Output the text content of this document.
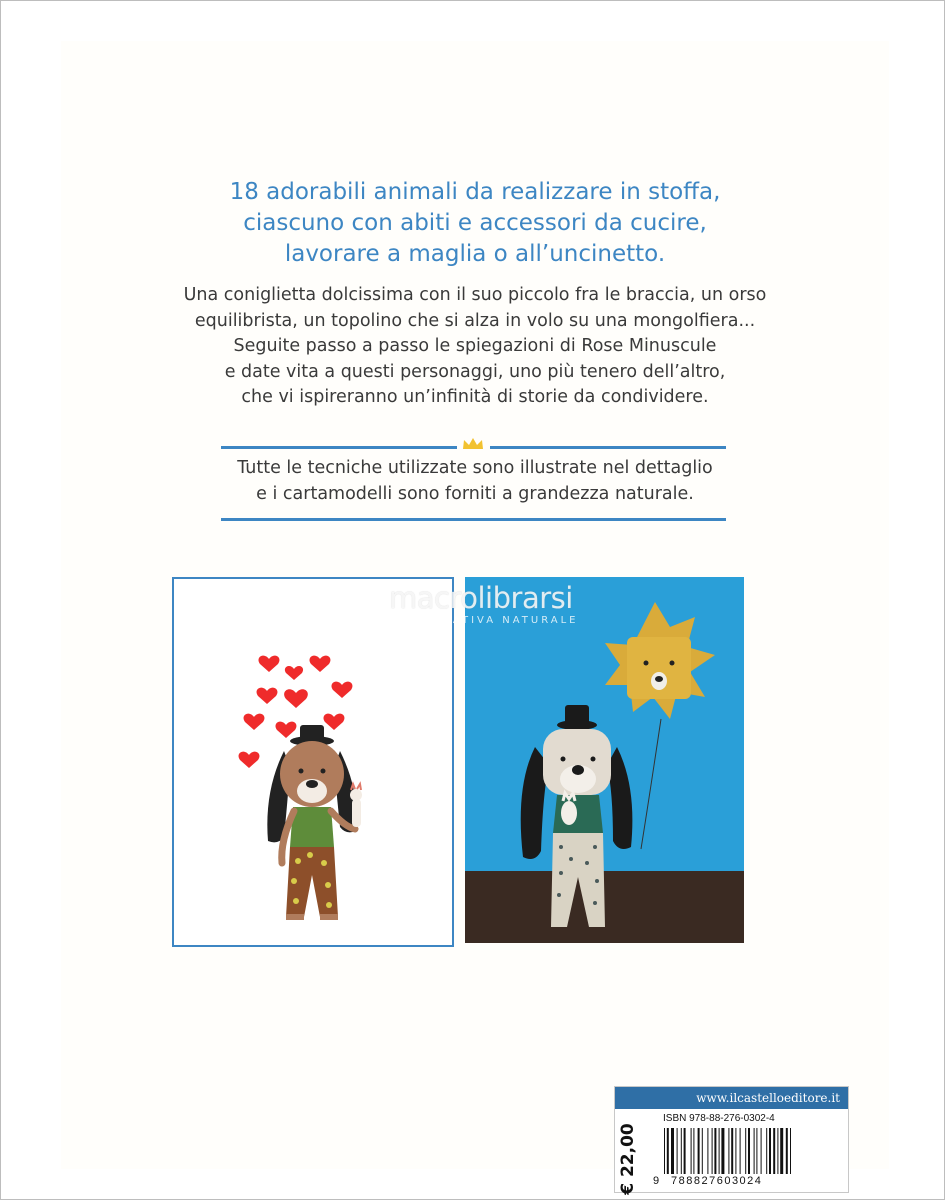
18 adorabili animali da realizzare in stoffa,
ciascuno con abiti e accessori da cucire,
lavorare a maglia o all’uncinetto.
Una coniglietta dolcissima con il suo piccolo fra le braccia, un orso
equilibrista, un topolino che si alza in volo su una mongolfiera...
Seguite passo a passo le spiegazioni di Rose Minuscule
e date vita a questi personaggi, uno più tenero dell’altro,
che vi ispireranno un’infinità di storie da condividere.
Tutte le tecniche utilizzate sono illustrate nel dettaglio
e i cartamodelli sono forniti a grandezza naturale.
macrolibrarsi
ALTERNATIVA NATURALE
www.ilcastelloeditore.it
€ 22,00
ISBN 978-88-276-0302-4
9 788827603024
